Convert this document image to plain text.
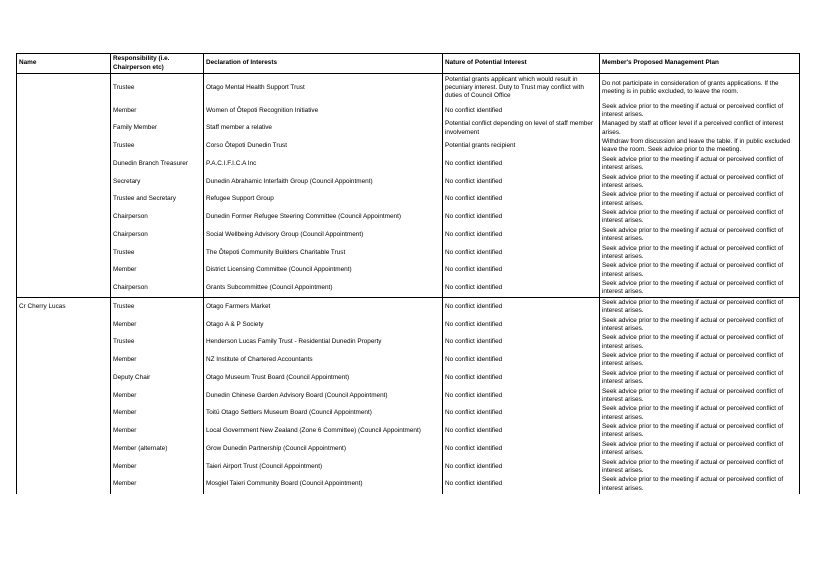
Name	Responsibility (i.e. Chairperson etc)	Declaration of Interests	Nature of Potential Interest	Member's Proposed Management Plan
	Trustee	Otago Mental Health Support Trust	Potential grants applicant which would result in pecuniary interest. Duty to Trust may conflict with duties of Council Office	Do not participate in consideration of grants applications. If the meeting is in public excluded, to leave the room.
	Member	Women of Ōtepoti Recognition Initiative	No conflict identified	Seek advice prior to the meeting if actual or perceived conflict of interest arises.
	Family Member	Staff member a relative	Potential conflict depending on level of staff member involvement	Managed by staff at officer level if a perceived conflict of interest arises.
	Trustee	Corso Ōtepoti Dunedin Trust	Potential grants recipient	Withdraw from discussion and leave the table. If in public excluded leave the room. Seek advice prior to the meeting.
	Dunedin Branch Treasurer	P.A.C.I.F.I.C.A Inc	No conflict identified	Seek advice prior to the meeting if actual or perceived conflict of interest arises.
	Secretary	Dunedin Abrahamic Interfaith Group (Council Appointment)	No conflict identified	Seek advice prior to the meeting if actual or perceived conflict of interest arises.
	Trustee and Secretary	Refugee Support Group	No conflict identified	Seek advice prior to the meeting if actual or perceived conflict of interest arises.
	Chairperson	Dunedin Former Refugee Steering Committee (Council Appointment)	No conflict identified	Seek advice prior to the meeting if actual or perceived conflict of interest arises.
	Chairperson	Social Wellbeing Advisory Group (Council Appointment)	No conflict identified	Seek advice prior to the meeting if actual or perceived conflict of interest arises.
	Trustee	The Ōtepoti Community Builders Charitable Trust	No conflict identified	Seek advice prior to the meeting if actual or perceived conflict of interest arises.
	Member	District Licensing Committee (Council Appointment)	No conflict identified	Seek advice prior to the meeting if actual or perceived conflict of interest arises.
	Chairperson	Grants Subcommittee (Council Appointment)	No conflict identified	Seek advice prior to the meeting if actual or perceived conflict of interest arises.
Cr Cherry Lucas	Trustee	Otago Farmers Market	No conflict identified	Seek advice prior to the meeting if actual or perceived conflict of interest arises.
	Member	Otago A & P Society	No conflict identified	Seek advice prior to the meeting if actual or perceived conflict of interest arises.
	Trustee	Henderson Lucas Family Trust - Residential Dunedin Property	No conflict identified	Seek advice prior to the meeting if actual or perceived conflict of interest arises.
	Member	NZ Institute of Chartered Accountants	No conflict identified	Seek advice prior to the meeting if actual or perceived conflict of interest arises.
	Deputy Chair	Otago Museum Trust Board (Council Appointment)	No conflict identified	Seek advice prior to the meeting if actual or perceived conflict of interest arises.
	Member	Dunedin Chinese Garden Advisory Board (Council Appointment)	No conflict identified	Seek advice prior to the meeting if actual or perceived conflict of interest arises.
	Member	Toitū Otago Settlers Museum Board (Council Appointment)	No conflict identified	Seek advice prior to the meeting if actual or perceived conflict of interest arises.
	Member	Local Government New Zealand (Zone 6 Committee) (Council Appointment)	No conflict identified	Seek advice prior to the meeting if actual or perceived conflict of interest arises.
	Member (alternate)	Grow Dunedin Partnership (Council Appointment)	No conflict identified	Seek advice prior to the meeting if actual or perceived conflict of interest arises.
	Member	Taieri Airport Trust (Council Appointment)	No conflict identified	Seek advice prior to the meeting if actual or perceived conflict of interest arises.
	Member	Mosgiel Taieri Community Board (Council Appointment)	No conflict identified	Seek advice prior to the meeting if actual or perceived conflict of interest arises.
